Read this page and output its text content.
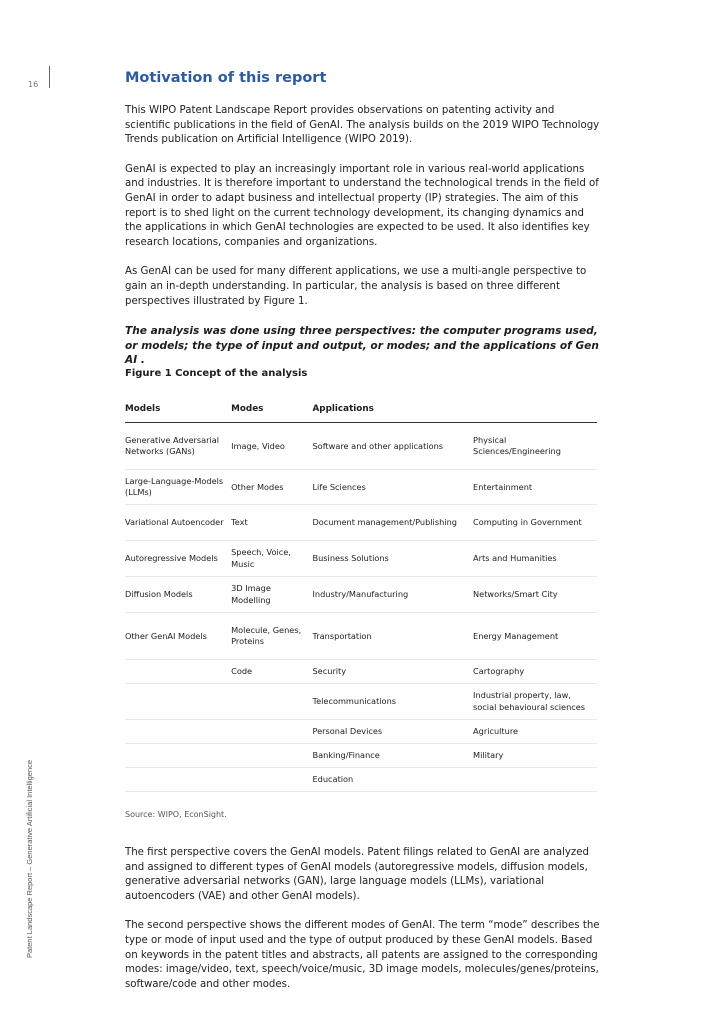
16
Patent Landscape Report – Generative Artificial Intelligence
Motivation of this report

This WIPO Patent Landscape Report provides observations on patenting activity and scientific publications in the field of GenAI. The analysis builds on the 2019 WIPO Technology Trends publication on Artificial Intelligence (WIPO 2019).

GenAI is expected to play an increasingly important role in various real-world applications and industries. It is therefore important to understand the technological trends in the field of GenAI in order to adapt business and intellectual property (IP) strategies. The aim of this report is to shed light on the current technology development, its changing dynamics and the applications in which GenAI technologies are expected to be used. It also identifies key research locations, companies and organizations.

As GenAI can be used for many different applications, we use a multi-angle perspective to gain an in-depth understanding. In particular, the analysis is based on three different perspectives illustrated by Figure 1.

The analysis was done using three perspectives: the computer programs used, or models; the type of input and output, or modes; and the applications of Gen AI .

Figure 1 Concept of the analysis

Models	Modes	Applications	
Generative Adversarial Networks (GANs)	Image, Video	Software and other applications	Physical Sciences/Engineering
Large-Language-Models (LLMs)	Other Modes	Life Sciences	Entertainment
Variational Autoencoder	Text	Document management/Publishing	Computing in Government
Autoregressive Models	Speech, Voice, Music	Business Solutions	Arts and Humanities
Diffusion Models	3D Image Modelling	Industry/Manufacturing	Networks/Smart City
Other GenAI Models	Molecule, Genes, Proteins	Transportation	Energy Management
	Code	Security	Cartography
		Telecommunications	Industrial property, law, social behavioural sciences
		Personal Devices	Agriculture
		Banking/Finance	Military
		Education	

Source: WIPO, EconSight.

The first perspective covers the GenAI models. Patent filings related to GenAI are analyzed and assigned to different types of GenAI models (autoregressive models, diffusion models, generative adversarial networks (GAN), large language models (LLMs), variational autoencoders (VAE) and other GenAI models).

The second perspective shows the different modes of GenAI. The term “mode” describes the type or mode of input used and the type of output produced by these GenAI models. Based on keywords in the patent titles and abstracts, all patents are assigned to the corresponding modes: image/video, text, speech/voice/music, 3D image models, molecules/genes/proteins, software/code and other modes.
